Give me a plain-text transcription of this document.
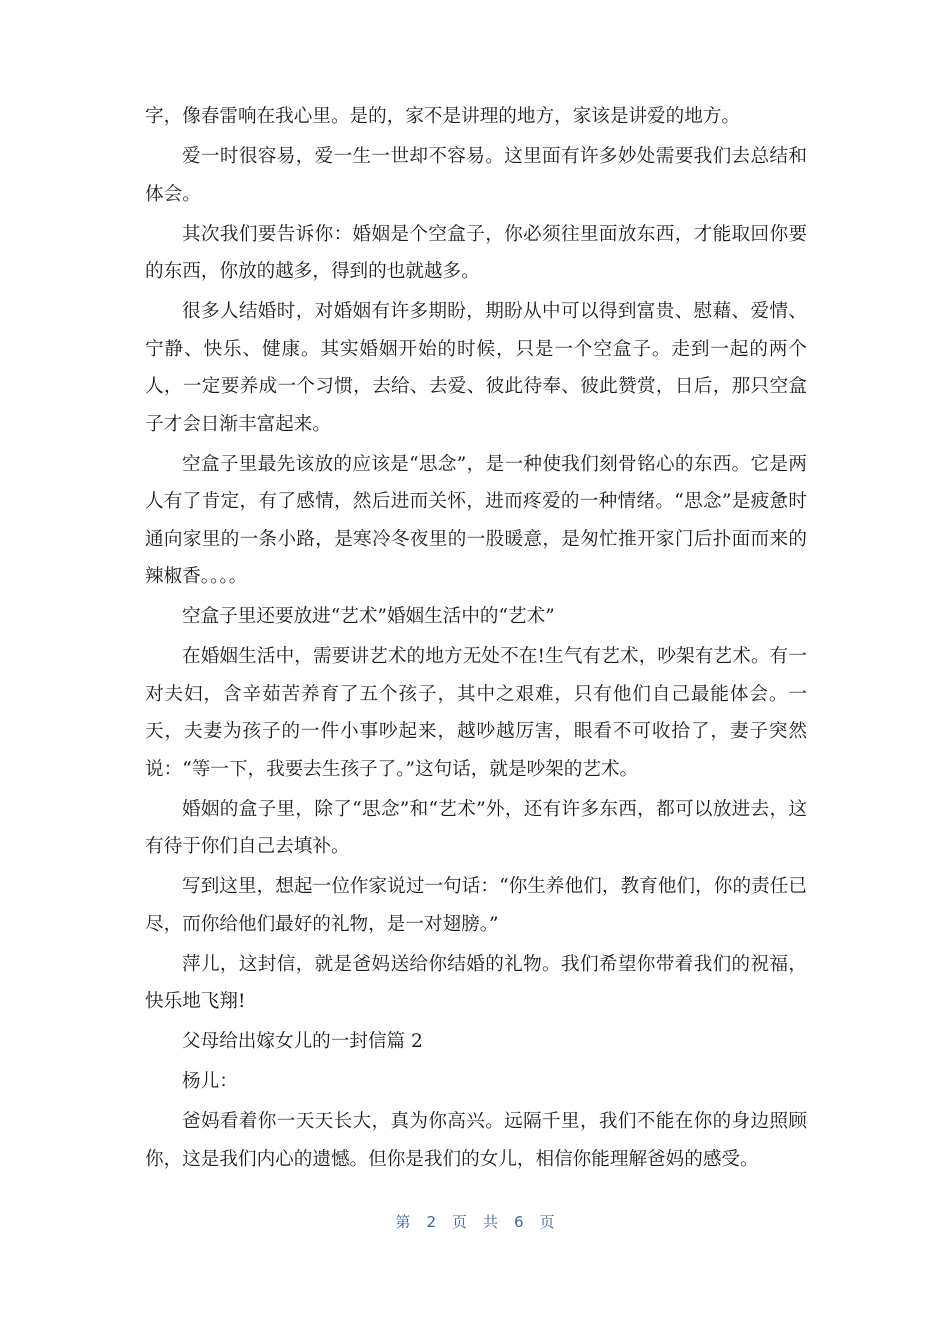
字，像春雷响在我心里。是的，家不是讲理的地方，家该是讲爱的地方。

爱一时很容易，爱一生一世却不容易。这里面有许多妙处需要我们去总结和体会。

其次我们要告诉你：婚姻是个空盒子，你必须往里面放东西，才能取回你要的东西，你放的越多，得到的也就越多。

很多人结婚时，对婚姻有许多期盼，期盼从中可以得到富贵、慰藉、爱情、宁静、快乐、健康。其实婚姻开始的时候，只是一个空盒子。走到一起的两个人，一定要养成一个习惯，去给、去爱、彼此待奉、彼此赞赏，日后，那只空盒子才会日渐丰富起来。

空盒子里最先该放的应该是“思念”，是一种使我们刻骨铭心的东西。它是两人有了肯定，有了感情，然后进而关怀，进而疼爱的一种情绪。“思念”是疲惫时通向家里的一条小路，是寒冷冬夜里的一股暖意，是匆忙推开家门后扑面而来的辣椒香。。。。

空盒子里还要放进“艺术”婚姻生活中的“艺术”

在婚姻生活中，需要讲艺术的地方无处不在!生气有艺术，吵架有艺术。有一对夫妇，含辛茹苦养育了五个孩子，其中之艰难，只有他们自己最能体会。一天，夫妻为孩子的一件小事吵起来，越吵越厉害，眼看不可收拾了，妻子突然说：“等一下，我要去生孩子了。”这句话，就是吵架的艺术。

婚姻的盒子里，除了“思念”和“艺术”外，还有许多东西，都可以放进去，这有待于你们自己去填补。

写到这里，想起一位作家说过一句话：“你生养他们，教育他们，你的责任已尽，而你给他们最好的礼物，是一对翅膀。”

萍儿，这封信，就是爸妈送给你结婚的礼物。我们希望你带着我们的祝福，快乐地飞翔!

父母给出嫁女儿的一封信篇 2

杨儿：

爸妈看着你一天天长大，真为你高兴。远隔千里，我们不能在你的身边照顾你，这是我们内心的遗憾。但你是我们的女儿，相信你能理解爸妈的感受。

第 2 页 共 6 页
